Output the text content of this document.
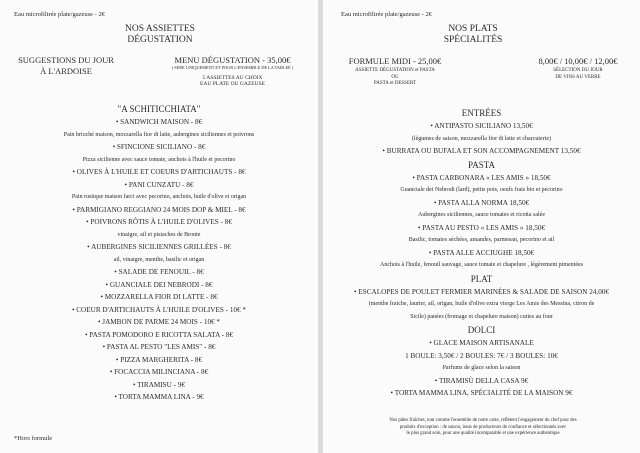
Eau microfiltrée plate/gazeuse - 2€
NOS ASSIETTES
DÉGUSTATION
SUGGESTIONS DU JOUR
À L'ARDOISE
MENU DÉGUSTATION - 35,00€
( SERE UNIQUEMENT ET POUR L'ENSEMBLE DE LA TABLEE )
5 ASSIETTES AU CHOIX
EAU PLATE OU GAZEUSE
"A SCHITICCHIATA"
• SANDWICH MAISON - 8€
Pain brioché maison, mozzarella fior di latte, aubergines siciliennes et poivrons
• SFINCIONE SICILIANO - 8€
Pizza sicilienne avec sauce tomate, anchois à l'huile et pecorino
• OLIVES À L'HUILE ET COEURS D'ARTICHAUTS - 8€
• PANI CUNZATU - 8€
Pain rustique maison farci avec pecorino, anchois, huile d'olive et origan
• PARMIGIANO REGGIANO 24 MOIS DOP & MIEL - 8€
• POIVRONS RÔTIS À L'HUILE D'OLIVES - 8€
vinaigre, ail et pistaches de Bronte
• AUBERGINES SICILIENNES GRILLÉES - 8€
ail, vinaigre, menthe, basilic et origan
• SALADE DE FENOUIL - 8€
• GUANCIALE DEI NEBRODI - 8€
• MOZZARELLA FIOR DI LATTE - 8€
• COEUR D'ARTICHAUTS À L'HUILE D'OLIVES - 10€ *
• JAMBON DE PARME 24 MOIS - 10€ *
• PASTA POMODORO E RICOTTA SALATA - 8€
• PASTA AL PESTO "LES AMIS" - 8€
• PIZZA MARGHERITA - 8€
• FOCACCIA MILINCIANA - 8€
• TIRAMISU - 9€
• TORTA MAMMA LINA - 9€
*Hors formule
Eau microfiltrée plate/gazeuse - 2€
NOS PLATS
SPÉCIALITÉS
FORMULE MIDI - 25,00€
ASSIETTE DÉGUSTATION et PASTA
OU
PASTA et DESSERT
8,00€ / 10,00€ / 12,00€
SÉLECTION DU JOUR
DE VINS AU VERRE
ENTRÉES
• ANTIPASTO SICILIANO 13,50€
(légumes de saison, mozzarella fior di latte et charcuterie)
• BURRATA OU BUFALA ET SON ACCOMPAGNEMENT 13,50€
PASTA
• PASTA CARBONARA « LES AMIS » 18,50€
Guanciale dei Nebrodi (lard), petits pois, oeufs frais bio et pecorino
• PASTA ALLA NORMA 18,50€
Aubergines siciliennes, sauce tomates et ricotta salée
• PASTA AU PESTO « LES AMIS » 18,50€
Basilic, tomates séchées, amandes, parmesan, pecorino et ail
• PASTA ALLE ACCIUGHE 18,50€
Anchois à l'huile, fenouil sauvage, sauce tomate et chapelure , légèrement pimentées
PLAT
• ESCALOPES DE POULET FERMIER MARINÉES & SALADE DE SAISON 24,00€
(menthe fraiche, laurier, ail, origan, huile d'olive extra vierge Les Amis des Messina, citron de
Sicile) panées (fromage et chapelure maison) cuites au four
DOLCI
• GLACE MAISON ARTISANALE
1 BOULE: 3,50€ / 2 BOULES: 7€ / 3 BOULES: 10€
Parfums de glace selon la saison
• TIRAMISÙ DELLA CASA 9€
• TORTA MAMMA LINA, SPÉCIALITÉ DE LA MAISON 9€
Nos pâtes fraîches, tout comme l'ensemble de notre carte, reflètent l'engagement du chef pour des
produits d'exception : de saison, issus de producteurs de confiance et sélectionnés avec
le plus grand soin, pour une qualité incomparable et une expérience authentique
